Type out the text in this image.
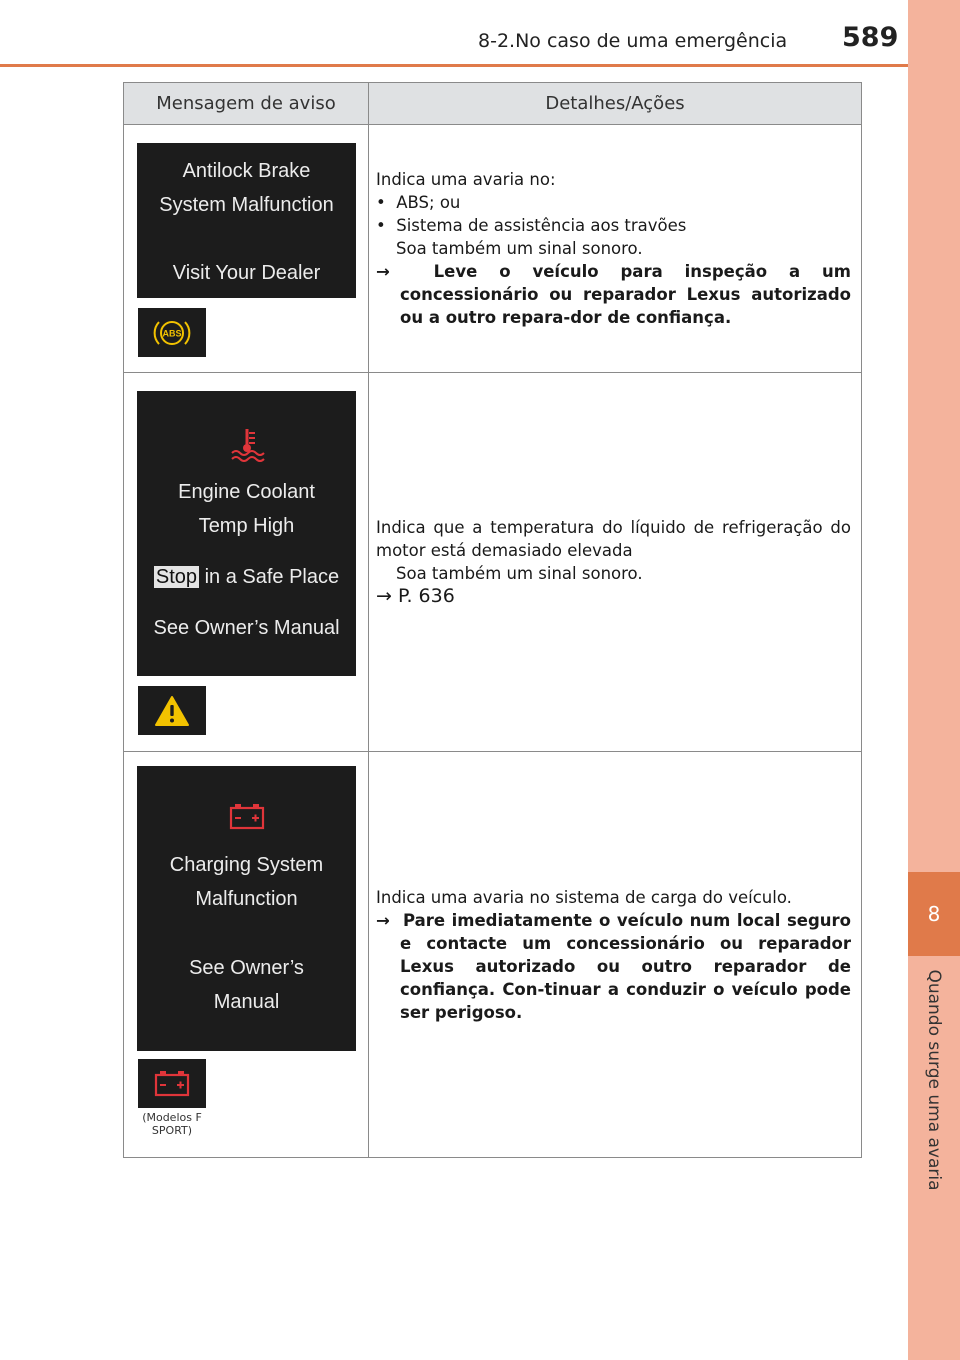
8-2.No caso de uma emergência 589
8
Quando surge uma avaria
Mensagem de aviso	Detalhes/Ações
Antilock Brake
System Malfunction
Visit Your Dealer
ABS
Indica uma avaria no:
•  ABS; ou
•  Sistema de assistência aos travões
Soa também um sinal sonoro.
→	Leve o veículo para inspeção a um concessionário ou reparador Lexus autorizado ou a outro repara-dor de confiança.
Engine Coolant
Temp High
Stop in a Safe Place
See Owner’s Manual
Indica que a temperatura do líquido de refrigeração do motor está demasiado elevada
Soa também um sinal sonoro.
→ P. 636
Charging System
Malfunction
See Owner’s
Manual
(Modelos F SPORT)
Indica uma avaria no sistema de carga do veículo.
→ Pare imediatamente o veículo num local seguro e contacte um concessionário ou reparador Lexus autorizado ou outro reparador de confiança. Con-tinuar a conduzir o veículo pode ser perigoso.
